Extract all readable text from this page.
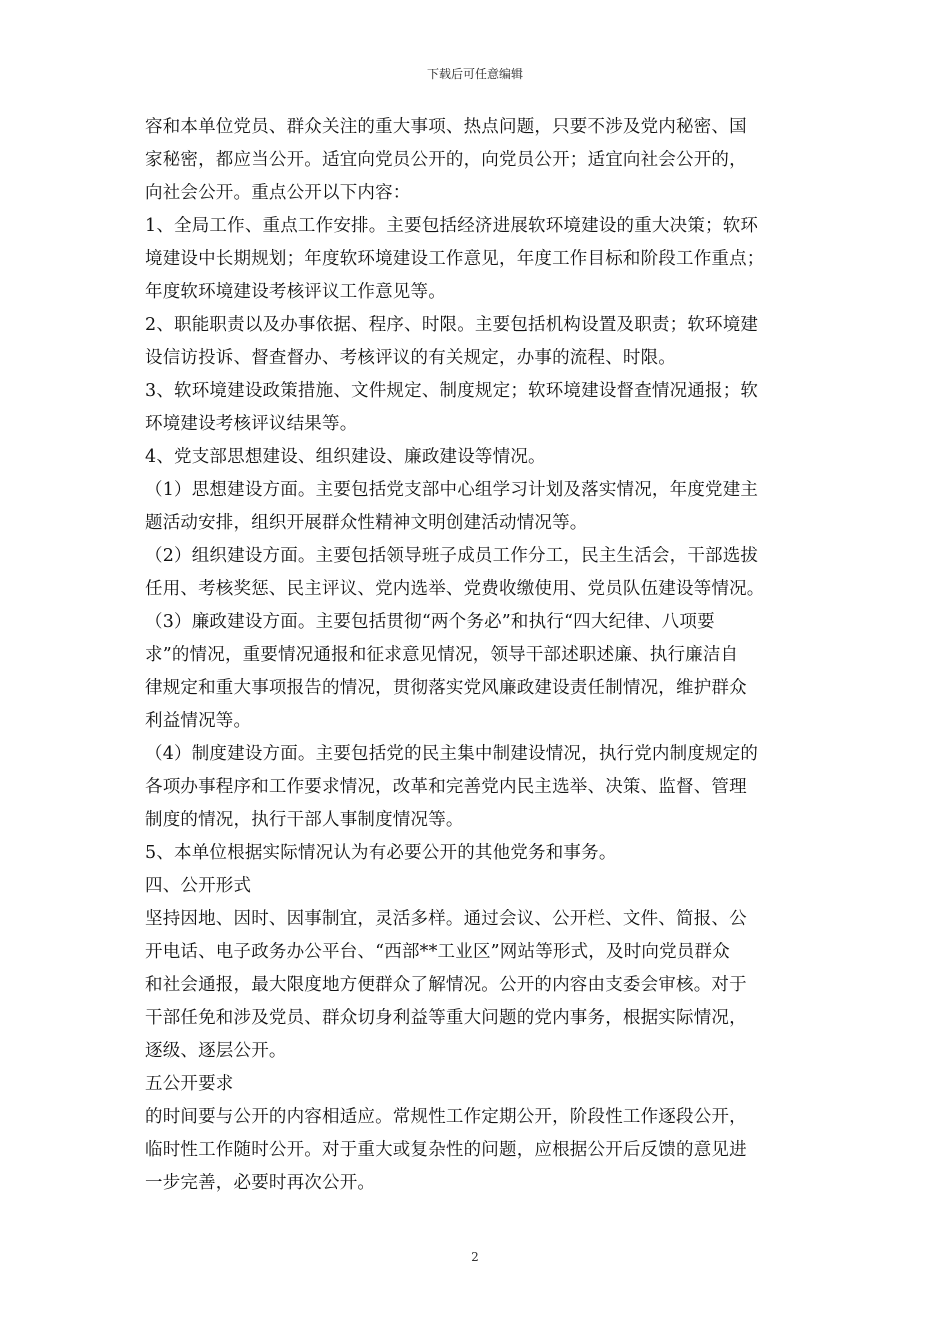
下载后可任意编辑
容和本单位党员、群众关注的重大事项、热点问题，只要不涉及党内秘密、国
家秘密，都应当公开。适宜向党员公开的，向党员公开；适宜向社会公开的，
向社会公开。重点公开以下内容：
1、全局工作、重点工作安排。主要包括经济进展软环境建设的重大决策；软环
境建设中长期规划；年度软环境建设工作意见，年度工作目标和阶段工作重点；
年度软环境建设考核评议工作意见等。
2、职能职责以及办事依据、程序、时限。主要包括机构设置及职责；软环境建
设信访投诉、督查督办、考核评议的有关规定，办事的流程、时限。
3、软环境建设政策措施、文件规定、制度规定；软环境建设督查情况通报；软
环境建设考核评议结果等。
4、党支部思想建设、组织建设、廉政建设等情况。
（1）思想建设方面。主要包括党支部中心组学习计划及落实情况，年度党建主
题活动安排，组织开展群众性精神文明创建活动情况等。
（2）组织建设方面。主要包括领导班子成员工作分工，民主生活会，干部选拔
任用、考核奖惩、民主评议、党内选举、党费收缴使用、党员队伍建设等情况。
（3）廉政建设方面。主要包括贯彻“两个务必”和执行“四大纪律、八项要
求”的情况，重要情况通报和征求意见情况，领导干部述职述廉、执行廉洁自
律规定和重大事项报告的情况，贯彻落实党风廉政建设责任制情况，维护群众
利益情况等。
（4）制度建设方面。主要包括党的民主集中制建设情况，执行党内制度规定的
各项办事程序和工作要求情况，改革和完善党内民主选举、决策、监督、管理
制度的情况，执行干部人事制度情况等。
5、本单位根据实际情况认为有必要公开的其他党务和事务。
四、公开形式
坚持因地、因时、因事制宜，灵活多样。通过会议、公开栏、文件、简报、公
开电话、电子政务办公平台、“西部**工业区”网站等形式，及时向党员群众
和社会通报，最大限度地方便群众了解情况。公开的内容由支委会审核。对于
干部任免和涉及党员、群众切身利益等重大问题的党内事务，根据实际情况，
逐级、逐层公开。
五公开要求
的时间要与公开的内容相适应。常规性工作定期公开，阶段性工作逐段公开，
临时性工作随时公开。对于重大或复杂性的问题，应根据公开后反馈的意见进
一步完善，必要时再次公开。
2
